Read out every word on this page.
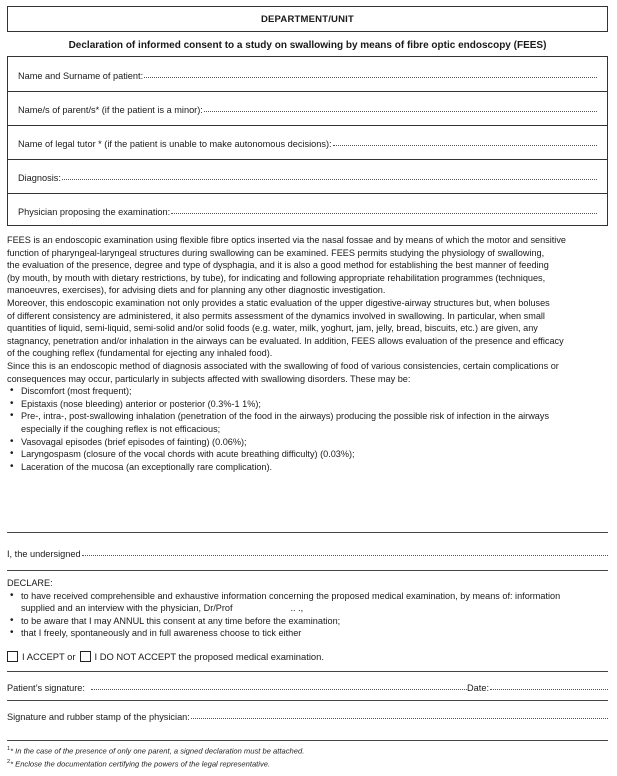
DEPARTMENT/UNIT
Declaration of informed consent to a study on swallowing by means of fibre optic endoscopy (FEES)
Name and Surname of patient:
Name/s of parent/s* (if the patient is a minor):
Name of legal tutor * (if the patient is unable to make autonomous decisions):
Diagnosis:
Physician proposing the examination:
FEES is an endoscopic examination using flexible fibre optics inserted via the nasal fossae and by means of which the motor and sensitive
function of pharyngeal-laryngeal structures during swallowing can be examined. FEES permits studying the physiology of swallowing,
the evaluation of the presence, degree and type of dysphagia, and it is also a good method for establishing the best manner of feeding
(by mouth, by mouth with dietary restrictions, by tube), for indicating and following appropriate rehabilitation programmes (techniques,
manoeuvres, exercises), for advising diets and for planning any other diagnostic investigation.
Moreover, this endoscopic examination not only provides a static evaluation of the upper digestive-airway structures but, when boluses
of different consistency are administered, it also permits assessment of the dynamics involved in swallowing. In particular, when small
quantities of liquid, semi-liquid, semi-solid and/or solid foods (e.g. water, milk, yoghurt, jam, jelly, bread, biscuits, etc.) are given, any
stagnancy, penetration and/or inhalation in the airways can be evaluated. In addition, FEES allows evaluation of the presence and efficacy
of the coughing reflex (fundamental for ejecting any inhaled food).
Since this is an endoscopic method of diagnosis associated with the swallowing of food of various consistencies, certain complications or
consequences may occur, particularly in subjects affected with swallowing disorders. These may be:
• Discomfort (most frequent);
• Epistaxis (nose bleeding) anterior or posterior (0.3%-1 1%);
• Pre-, intra-, post-swallowing inhalation (penetration of the food in the airways) producing the possible risk of infection in the airways
especially if the coughing reflex is not efficacious;
• Vasovagal episodes (brief episodes of fainting) (0.06%);
• Laryngospasm (closure of the vocal chords with acute breathing difficulty) (0.03%);
• Laceration of the mucosa (an exceptionally rare complication).
I, the undersigned
DECLARE:
• to have received comprehensible and exhaustive information concerning the proposed medical examination, by means of: information
supplied and an interview with the physician, Dr/Prof	.. .,
• to be aware that I may ANNUL this consent at any time before the examination;
• that I freely, spontaneously and in full awareness choose to tick either
I ACCEPT or I DO NOT ACCEPT the proposed medical examination.
Patient’s signature:	Date:
Signature and rubber stamp of the physician:
$^1$* In the case of the presence of only one parent, a signed declaration must be attached.
$^2$* Enclose the documentation certifying the powers of the legal representative.
